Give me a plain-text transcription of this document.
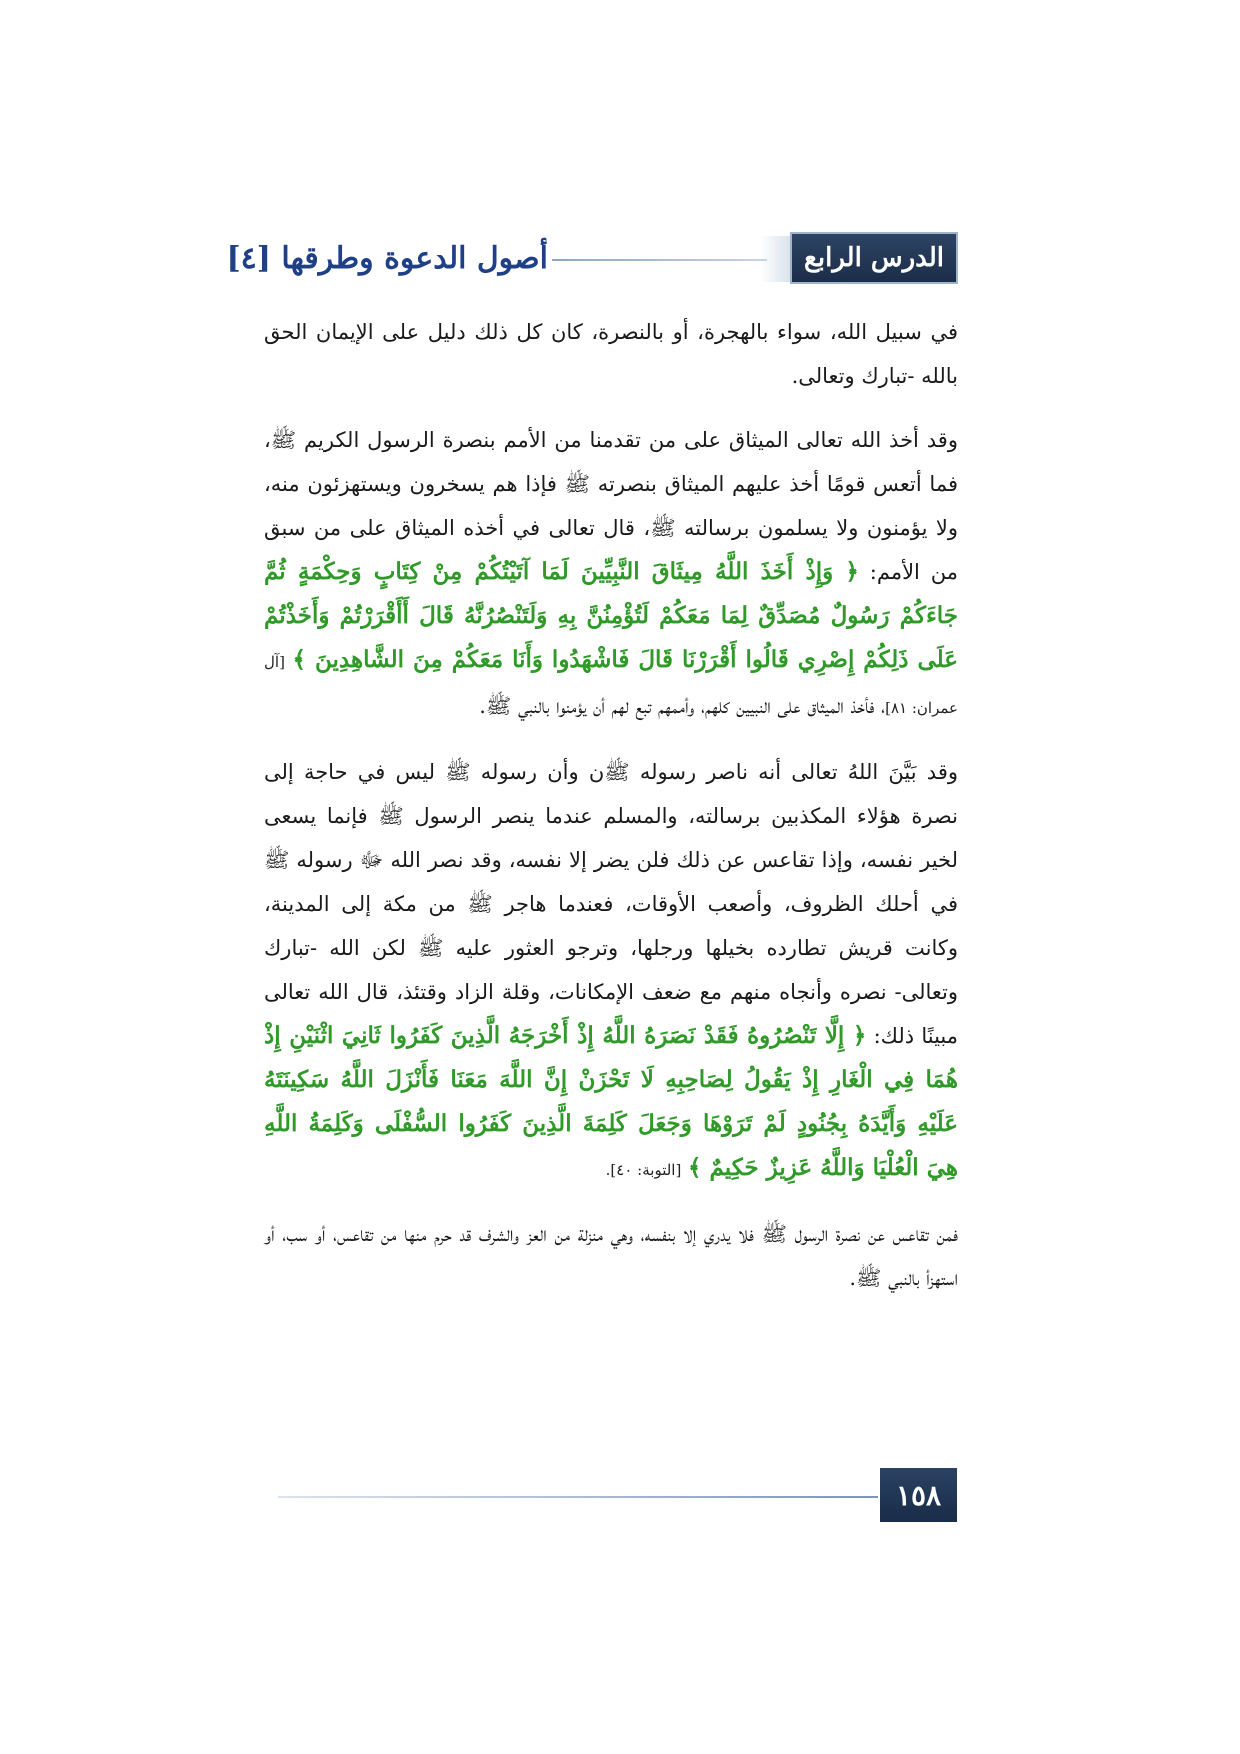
الدرس الرابع
أصول الدعوة وطرقها [٤]

في سبيل الله، سواء بالهجرة، أو بالنصرة، كان كل ذلك دليل على الإيمان الحق بالله -تبارك وتعالى.

وقد أخذ الله تعالى الميثاق على من تقدمنا من الأمم بنصرة الرسول الكريم ﷺ، فما أتعس قومًا أخذ عليهم الميثاق بنصرته ﷺ فإذا هم يسخرون ويستهزئون منه، ولا يؤمنون ولا يسلمون برسالته ﷺ، قال تعالى في أخذه الميثاق على من سبق من الأمم: ﴿ وَإِذْ أَخَذَ اللَّهُ مِيثَاقَ النَّبِيِّينَ لَمَا آتَيْتُكُمْ مِنْ كِتَابٍ وَحِكْمَةٍ ثُمَّ جَاءَكُمْ رَسُولٌ مُصَدِّقٌ لِمَا مَعَكُمْ لَتُؤْمِنُنَّ بِهِ وَلَتَنْصُرُنَّهُ قَالَ أَأَقْرَرْتُمْ وَأَخَذْتُمْ عَلَى ذَلِكُمْ إِصْرِي قَالُوا أَقْرَرْنَا قَالَ فَاشْهَدُوا وَأَنَا مَعَكُمْ مِنَ الشَّاهِدِينَ ﴾ [آل عمران: ٨١]، فأخذ الميثاق على النبيين كلهم، وأممهم تبع لهم أن يؤمنوا بالنبي ﷺ.

وقد بَيَّنَ اللهُ تعالى أنه ناصر رسوله ﷺن وأن رسوله ﷺ ليس في حاجة إلى نصرة هؤلاء المكذبين برسالته، والمسلم عندما ينصر الرسول ﷺ فإنما يسعى لخير نفسه، وإذا تقاعس عن ذلك فلن يضر إلا نفسه، وقد نصر الله ﷻ رسوله ﷺ في أحلك الظروف، وأصعب الأوقات، فعندما هاجر ﷺ من مكة إلى المدينة، وكانت قريش تطارده بخيلها ورجلها، وترجو العثور عليه ﷺ لكن الله -تبارك وتعالى- نصره وأنجاه منهم مع ضعف الإمكانات، وقلة الزاد وقتئذ، قال الله تعالى مبينًا ذلك: ﴿ إِلَّا تَنْصُرُوهُ فَقَدْ نَصَرَهُ اللَّهُ إِذْ أَخْرَجَهُ الَّذِينَ كَفَرُوا ثَانِيَ اثْنَيْنِ إِذْ هُمَا فِي الْغَارِ إِذْ يَقُولُ لِصَاحِبِهِ لَا تَحْزَنْ إِنَّ اللَّهَ مَعَنَا فَأَنْزَلَ اللَّهُ سَكِينَتَهُ عَلَيْهِ وَأَيَّدَهُ بِجُنُودٍ لَمْ تَرَوْهَا وَجَعَلَ كَلِمَةَ الَّذِينَ كَفَرُوا السُّفْلَى وَكَلِمَةُ اللَّهِ هِيَ الْعُلْيَا وَاللَّهُ عَزِيزٌ حَكِيمٌ ﴾ [التوبة: ٤٠].

فمن تقاعس عن نصرة الرسول ﷺ فلا يدري إلا بنفسه، وهي منزلة من العز والشرف قد حرم منها من تقاعس، أو سب، أو استهزأ بالنبي ﷺ.

١٥٨
